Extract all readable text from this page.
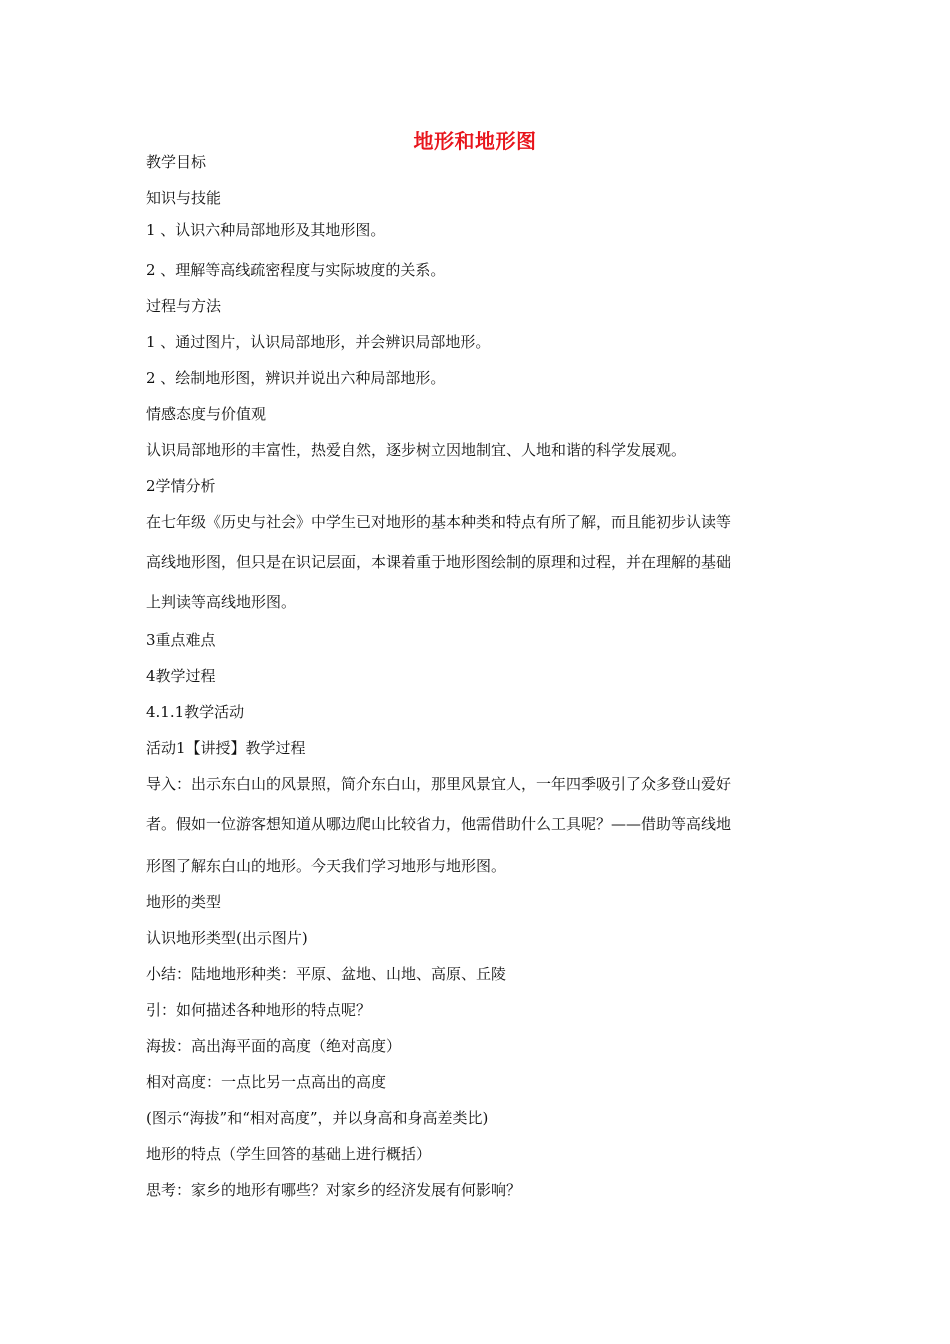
地形和地形图
教学目标
知识与技能
1 、认识六种局部地形及其地形图。
2 、理解等高线疏密程度与实际坡度的关系。
过程与方法
1 、通过图片，认识局部地形，并会辨识局部地形。
2 、绘制地形图，辨识并说出六种局部地形。
情感态度与价值观
认识局部地形的丰富性，热爱自然，逐步树立因地制宜、人地和谐的科学发展观。
2学情分析
在七年级《历史与社会》中学生已对地形的基本种类和特点有所了解，而且能初步认读等
高线地形图，但只是在识记层面，本课着重于地形图绘制的原理和过程，并在理解的基础
上判读等高线地形图。
3重点难点
4教学过程
4.1.1教学活动
活动1【讲授】教学过程
导入：出示东白山的风景照，简介东白山，那里风景宜人，一年四季吸引了众多登山爱好
者。假如一位游客想知道从哪边爬山比较省力，他需借助什么工具呢？——借助等高线地
形图了解东白山的地形。今天我们学习地形与地形图。
地形的类型
认识地形类型(出示图片)
小结：陆地地形种类：平原、盆地、山地、高原、丘陵
引：如何描述各种地形的特点呢？
海拔：高出海平面的高度（绝对高度）
相对高度：一点比另一点高出的高度
(图示“海拔”和“相对高度”，并以身高和身高差类比)
地形的特点（学生回答的基础上进行概括）
思考：家乡的地形有哪些？对家乡的经济发展有何影响？
